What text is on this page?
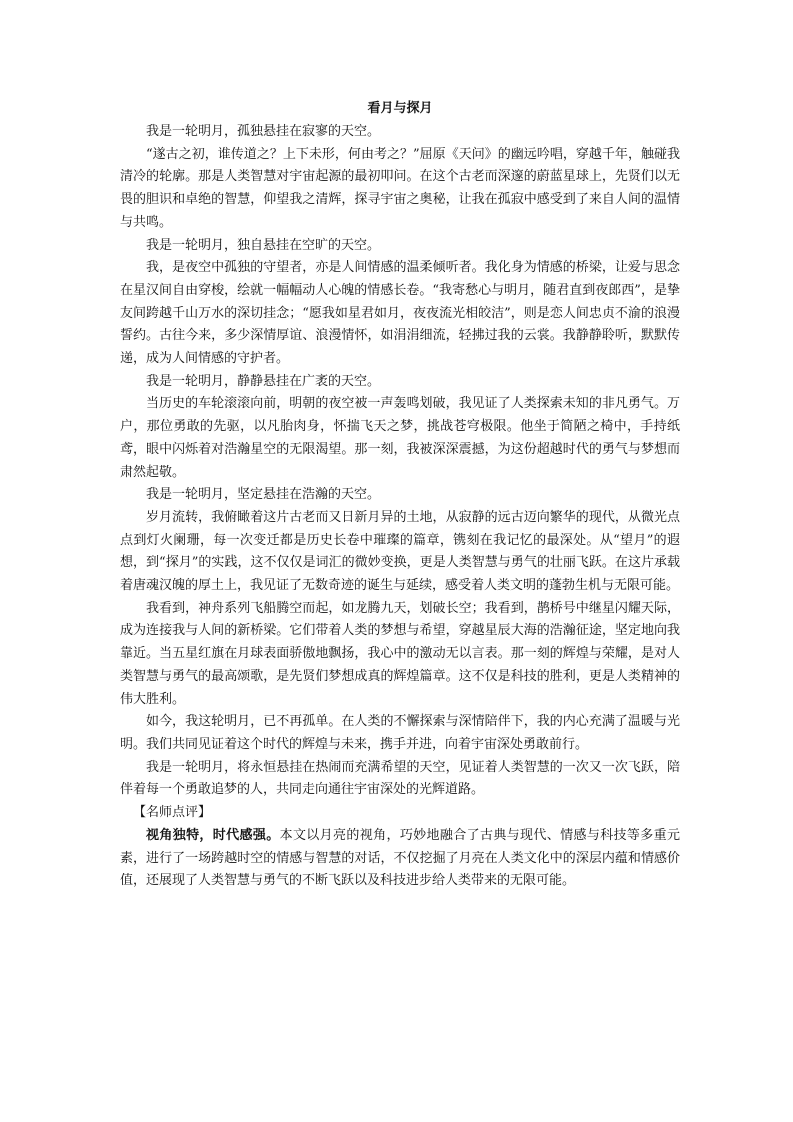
看月与探月

我是一轮明月，孤独悬挂在寂寥的天空。

“遂古之初，谁传道之？上下未形，何由考之？”屈原《天问》的幽远吟唱，穿越千年，触碰我清冷的轮廓。那是人类智慧对宇宙起源的最初叩问。在这个古老而深邃的蔚蓝星球上，先贤们以无畏的胆识和卓绝的智慧，仰望我之清辉，探寻宇宙之奥秘，让我在孤寂中感受到了来自人间的温情与共鸣。

我是一轮明月，独自悬挂在空旷的天空。

我，是夜空中孤独的守望者，亦是人间情感的温柔倾听者。我化身为情感的桥梁，让爱与思念在星汉间自由穿梭，绘就一幅幅动人心魄的情感长卷。“我寄愁心与明月，随君直到夜郎西”，是挚友间跨越千山万水的深切挂念；“愿我如星君如月，夜夜流光相皎洁”，则是恋人间忠贞不渝的浪漫誓约。古往今来，多少深情厚谊、浪漫情怀，如涓涓细流，轻拂过我的云裳。我静静聆听，默默传递，成为人间情感的守护者。

我是一轮明月，静静悬挂在广袤的天空。

当历史的车轮滚滚向前，明朝的夜空被一声轰鸣划破，我见证了人类探索未知的非凡勇气。万户，那位勇敢的先驱，以凡胎肉身，怀揣飞天之梦，挑战苍穹极限。他坐于简陋之椅中，手持纸鸢，眼中闪烁着对浩瀚星空的无限渴望。那一刻，我被深深震撼，为这份超越时代的勇气与梦想而肃然起敬。

我是一轮明月，坚定悬挂在浩瀚的天空。

岁月流转，我俯瞰着这片古老而又日新月异的土地，从寂静的远古迈向繁华的现代，从微光点点到灯火阑珊，每一次变迁都是历史长卷中璀璨的篇章，镌刻在我记忆的最深处。从“望月”的遐想，到“探月”的实践，这不仅仅是词汇的微妙变换，更是人类智慧与勇气的壮丽飞跃。在这片承载着唐魂汉魄的厚土上，我见证了无数奇迹的诞生与延续，感受着人类文明的蓬勃生机与无限可能。

我看到，神舟系列飞船腾空而起，如龙腾九天，划破长空；我看到，鹊桥号中继星闪耀天际，成为连接我与人间的新桥梁。它们带着人类的梦想与希望，穿越星辰大海的浩瀚征途，坚定地向我靠近。当五星红旗在月球表面骄傲地飘扬，我心中的激动无以言表。那一刻的辉煌与荣耀，是对人类智慧与勇气的最高颂歌，是先贤们梦想成真的辉煌篇章。这不仅是科技的胜利，更是人类精神的伟大胜利。

如今，我这轮明月，已不再孤单。在人类的不懈探索与深情陪伴下，我的内心充满了温暖与光明。我们共同见证着这个时代的辉煌与未来，携手并进，向着宇宙深处勇敢前行。

我是一轮明月，将永恒悬挂在热闹而充满希望的天空，见证着人类智慧的一次又一次飞跃，陪伴着每一个勇敢追梦的人，共同走向通往宇宙深处的光辉道路。

【名师点评】

视角独特，时代感强。本文以月亮的视角，巧妙地融合了古典与现代、情感与科技等多重元素，进行了一场跨越时空的情感与智慧的对话，不仅挖掘了月亮在人类文化中的深层内蕴和情感价值，还展现了人类智慧与勇气的不断飞跃以及科技进步给人类带来的无限可能。
